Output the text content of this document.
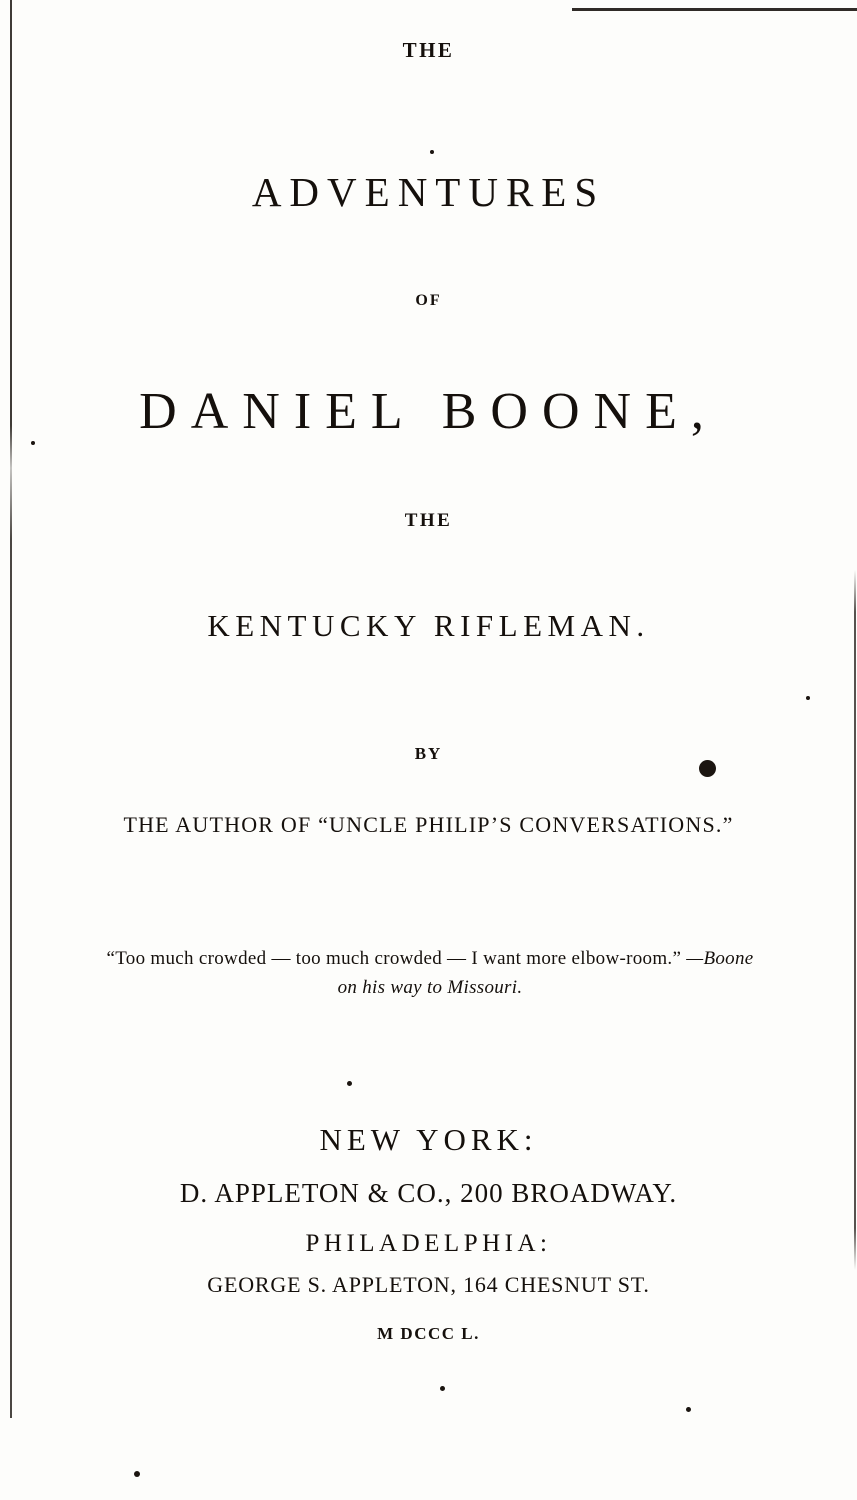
THE
ADVENTURES
OF
DANIEL BOONE,
THE
KENTUCKY RIFLEMAN.
BY
THE AUTHOR OF “UNCLE PHILIP’S CONVERSATIONS.”
“Too much crowded — too much crowded — I want more elbow-room.” —Boone on his way to Missouri.
NEW YORK:
D. APPLETON & CO., 200 BROADWAY.
PHILADELPHIA:
GEORGE S. APPLETON, 164 CHESNUT ST.
M DCCC L.
